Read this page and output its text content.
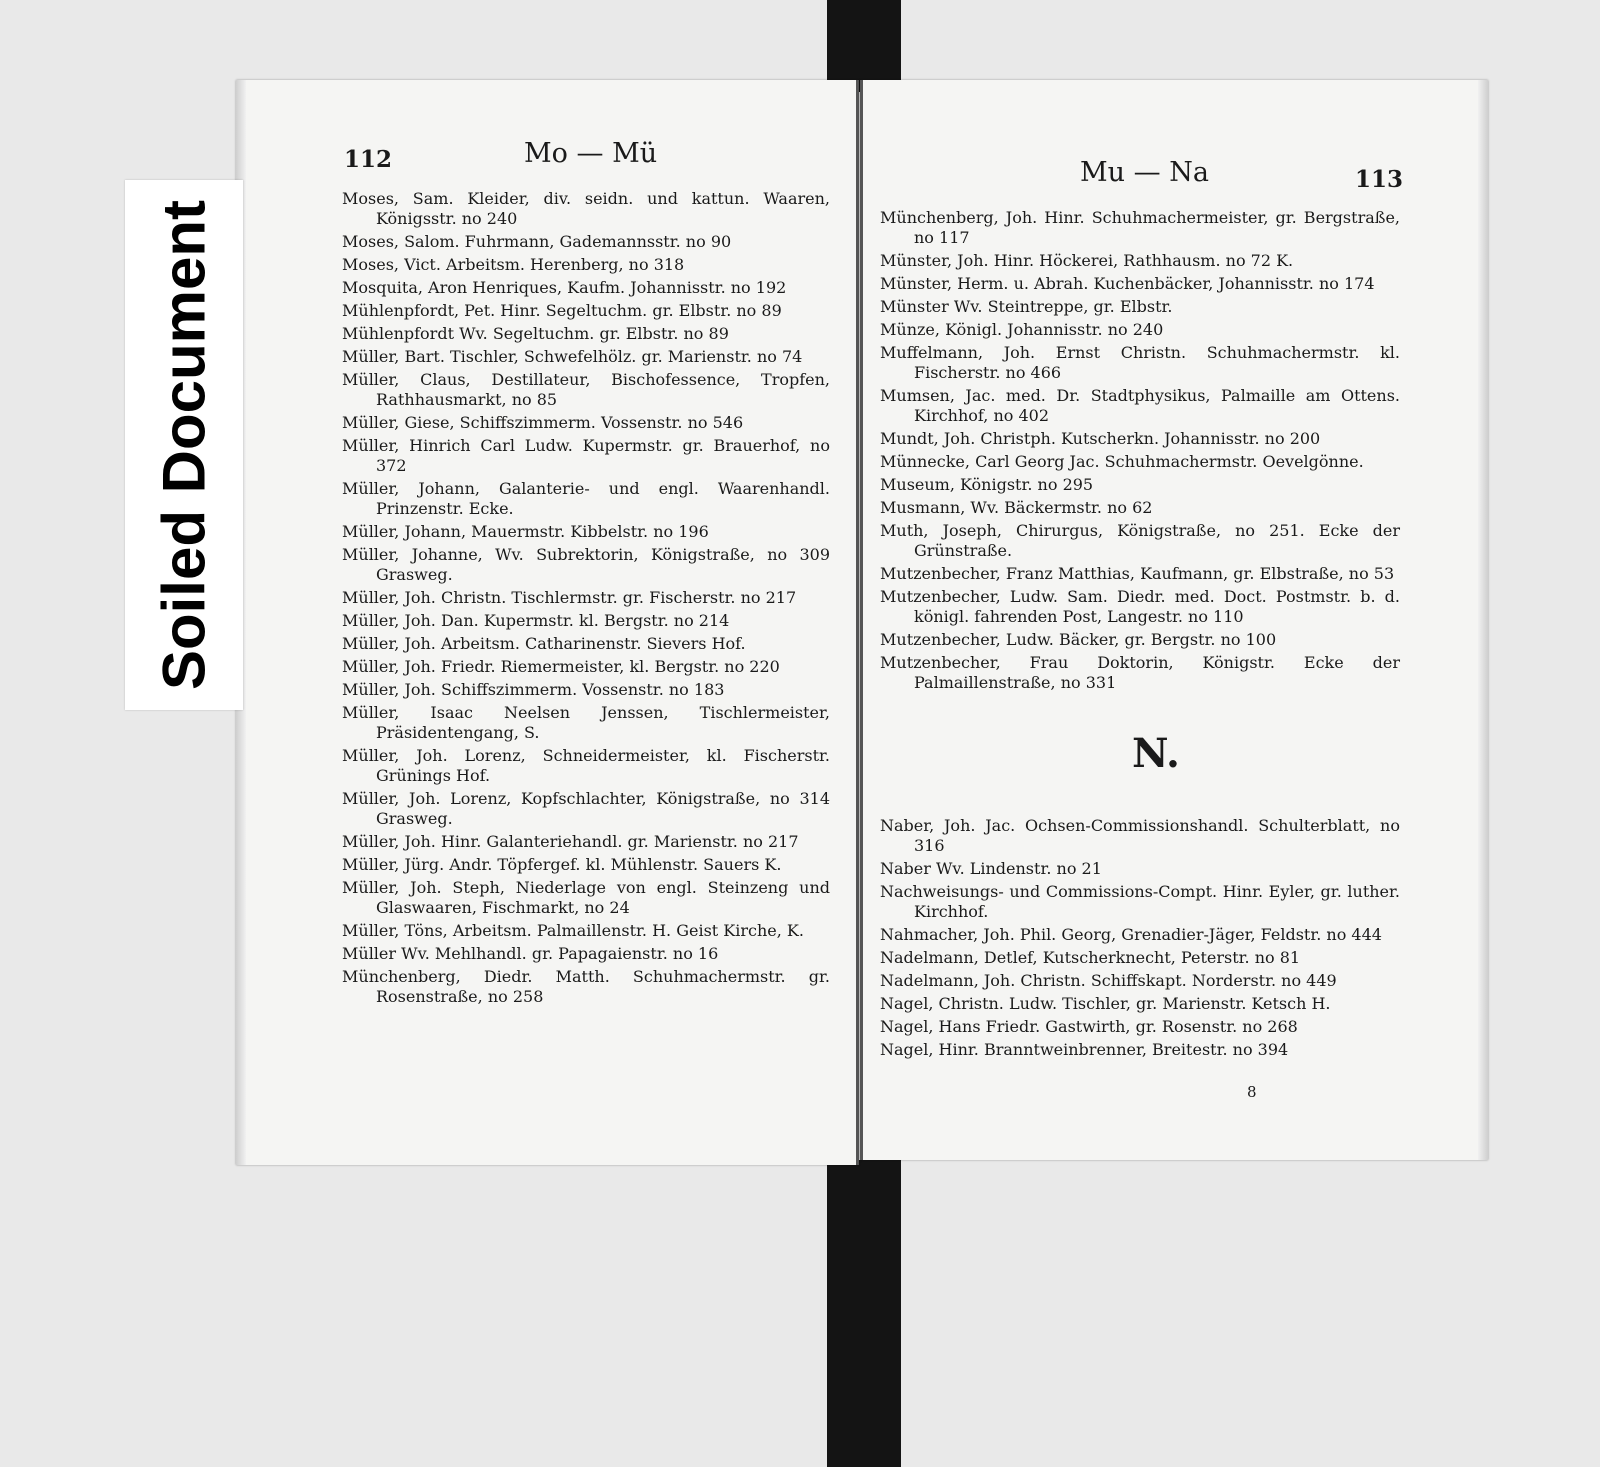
Soiled Document
112	Mo — Mü
Moses, Sam. Kleider, div. seidn. und kattun. Waaren, Königsstr. no 240
Moses, Salom. Fuhrmann, Gademannsstr. no 90
Moses, Vict. Arbeitsm. Herenberg, no 318
Mosquita, Aron Henriques, Kaufm. Johannisstr. no 192
Mühlenpfordt, Pet. Hinr. Segeltuchm. gr. Elbstr. no 89
Mühlenpfordt Wv. Segeltuchm. gr. Elbstr. no 89
Müller, Bart. Tischler, Schwefelhölz. gr. Marienstr. no 74
Müller, Claus, Destillateur, Bischofessence, Tropfen, Rathhausmarkt, no 85
Müller, Giese, Schiffszimmerm. Vossenstr. no 546
Müller, Hinrich Carl Ludw. Kupermstr. gr. Brauerhof, no 372
Müller, Johann, Galanterie- und engl. Waarenhandl. Prinzenstr. Ecke.
Müller, Johann, Mauermstr. Kibbelstr. no 196
Müller, Johanne, Wv. Subrektorin, Königstraße, no 309 Grasweg.
Müller, Joh. Christn. Tischlermstr. gr. Fischerstr. no 217
Müller, Joh. Dan. Kupermstr. kl. Bergstr. no 214
Müller, Joh. Arbeitsm. Catharinenstr. Sievers Hof.
Müller, Joh. Friedr. Riemermeister, kl. Bergstr. no 220
Müller, Joh. Schiffszimmerm. Vossenstr. no 183
Müller, Isaac Neelsen Jenssen, Tischlermeister, Präsidentengang, S.
Müller, Joh. Lorenz, Schneidermeister, kl. Fischerstr. Grünings Hof.
Müller, Joh. Lorenz, Kopfschlachter, Königstraße, no 314 Grasweg.
Müller, Joh. Hinr. Galanteriehandl. gr. Marienstr. no 217
Müller, Jürg. Andr. Töpfergef. kl. Mühlenstr. Sauers K.
Müller, Joh. Steph, Niederlage von engl. Steinzeng und Glaswaaren, Fischmarkt, no 24
Müller, Töns, Arbeitsm. Palmaillenstr. H. Geist Kirche, K.
Müller Wv. Mehlhandl. gr. Papagaienstr. no 16
Münchenberg, Diedr. Matth. Schuhmachermstr. gr. Rosenstraße, no 258
Mu — Na	113
Münchenberg, Joh. Hinr. Schuhmachermeister, gr. Bergstraße, no 117
Münster, Joh. Hinr. Höckerei, Rathhausm. no 72 K.
Münster, Herm. u. Abrah. Kuchenbäcker, Johannisstr. no 174
Münster Wv. Steintreppe, gr. Elbstr.
Münze, Königl. Johannisstr. no 240
Muffelmann, Joh. Ernst Christn. Schuhmachermstr. kl. Fischerstr. no 466
Mumsen, Jac. med. Dr. Stadtphysikus, Palmaille am Ottens. Kirchhof, no 402
Mundt, Joh. Christph. Kutscherkn. Johannisstr. no 200
Münnecke, Carl Georg Jac. Schuhmachermstr. Oevelgönne.
Museum, Königstr. no 295
Musmann, Wv. Bäckermstr. no 62
Muth, Joseph, Chirurgus, Königstraße, no 251. Ecke der Grünstraße.
Mutzenbecher, Franz Matthias, Kaufmann, gr. Elbstraße, no 53
Mutzenbecher, Ludw. Sam. Diedr. med. Doct. Postmstr. b. d. königl. fahrenden Post, Langestr. no 110
Mutzenbecher, Ludw. Bäcker, gr. Bergstr. no 100
Mutzenbecher, Frau Doktorin, Königstr. Ecke der Palmaillenstraße, no 331
N.
Naber, Joh. Jac. Ochsen-Commissionshandl. Schulterblatt, no 316
Naber Wv. Lindenstr. no 21
Nachweisungs- und Commissions-Compt. Hinr. Eyler, gr. luther. Kirchhof.
Nahmacher, Joh. Phil. Georg, Grenadier-Jäger, Feldstr. no 444
Nadelmann, Detlef, Kutscherknecht, Peterstr. no 81
Nadelmann, Joh. Christn. Schiffskapt. Norderstr. no 449
Nagel, Christn. Ludw. Tischler, gr. Marienstr. Ketsch H.
Nagel, Hans Friedr. Gastwirth, gr. Rosenstr. no 268
Nagel, Hinr. Branntweinbrenner, Breitestr. no 394
8
